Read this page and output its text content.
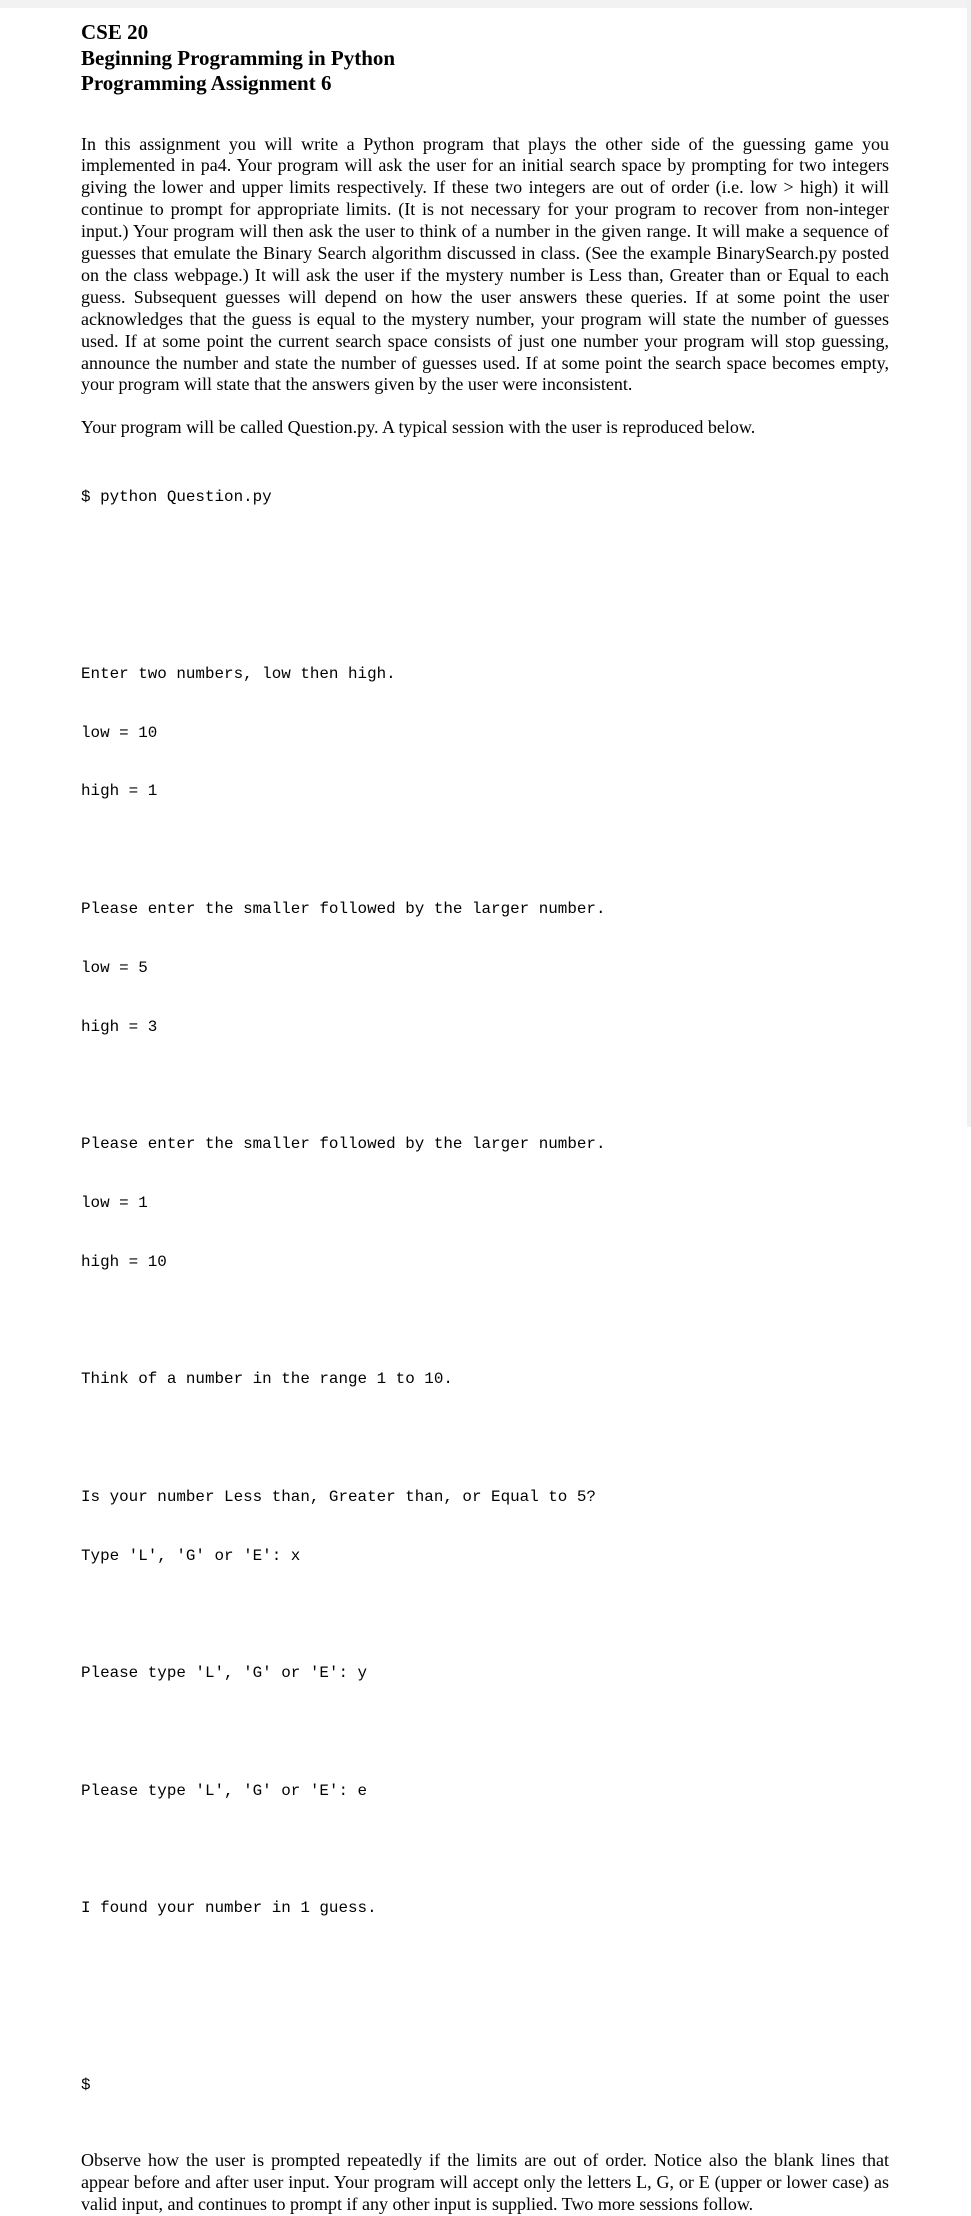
CSE 20
Beginning Programming in Python
Programming Assignment 6

In this assignment you will write a Python program that plays the other side of the guessing game you implemented in pa4. Your program will ask the user for an initial search space by prompting for two integers giving the lower and upper limits respectively. If these two integers are out of order (i.e. low > high) it will continue to prompt for appropriate limits. (It is not necessary for your program to recover from non-integer input.) Your program will then ask the user to think of a number in the given range. It will make a sequence of guesses that emulate the Binary Search algorithm discussed in class. (See the example BinarySearch.py posted on the class webpage.) It will ask the user if the mystery number is Less than, Greater than or Equal to each guess. Subsequent guesses will depend on how the user answers these queries. If at some point the user acknowledges that the guess is equal to the mystery number, your program will state the number of guesses used. If at some point the current search space consists of just one number your program will stop guessing, announce the number and state the number of guesses used. If at some point the search space becomes empty, your program will state that the answers given by the user were inconsistent.

Your program will be called Question.py. A typical session with the user is reproduced below.

$ python Question.py

Enter two numbers, low then high.

low = 10

high = 1

Please enter the smaller followed by the larger number.

low = 5

high = 3

Please enter the smaller followed by the larger number.

low = 1

high = 10

Think of a number in the range 1 to 10.

Is your number Less than, Greater than, or Equal to 5?

Type 'L', 'G' or 'E': x

Please type 'L', 'G' or 'E': y

Please type 'L', 'G' or 'E': e

I found your number in 1 guess.

$

Observe how the user is prompted repeatedly if the limits are out of order. Notice also the blank lines that appear before and after user input. Your program will accept only the letters L, G, or E (upper or lower case) as valid input, and continues to prompt if any other input is supplied. Two more sessions follow.
